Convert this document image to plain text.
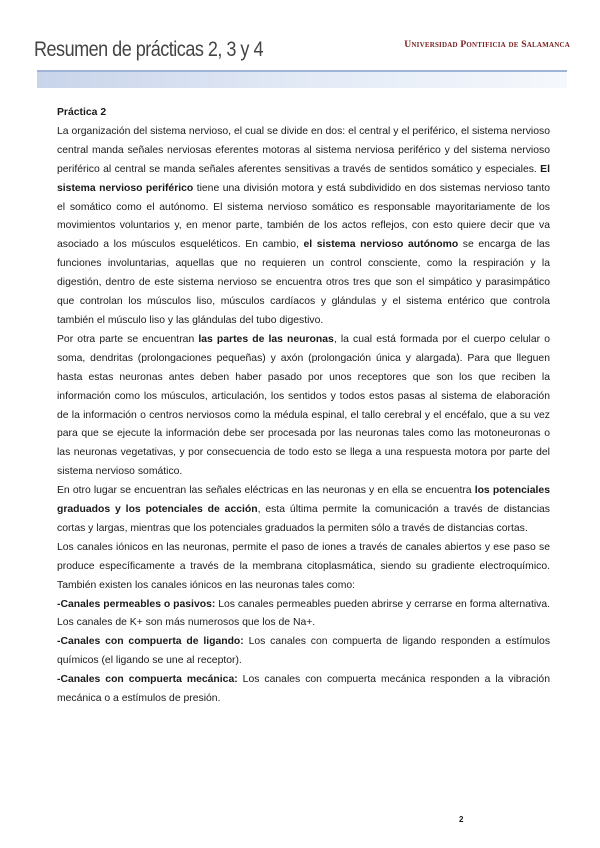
Resumen de prácticas 2, 3 y 4	Universidad Pontificia de Salamanca

Práctica 2

La organización del sistema nervioso, el cual se divide en dos: el central y el periférico, el sistema nervioso central manda señales nerviosas eferentes motoras al sistema nerviosa periférico y del sistema nervioso periférico al central se manda señales aferentes sensitivas a través de sentidos somático y especiales. El sistema nervioso periférico tiene una división motora y está subdividido en dos sistemas nervioso tanto el somático como el autónomo. El sistema nervioso somático es responsable mayoritariamente de los movimientos voluntarios y, en menor parte, también de los actos reflejos, con esto quiere decir que va asociado a los músculos esqueléticos. En cambio, el sistema nervioso autónomo se encarga de las funciones involuntarias, aquellas que no requieren un control consciente, como la respiración y la digestión, dentro de este sistema nervioso se encuentra otros tres que son el simpático y parasimpático que controlan los músculos liso, músculos cardíacos y glándulas y el sistema entérico que controla también el músculo liso y las glándulas del tubo digestivo.

Por otra parte se encuentran las partes de las neuronas, la cual está formada por el cuerpo celular o soma, dendritas (prolongaciones pequeñas) y axón (prolongación única y alargada). Para que lleguen hasta estas neuronas antes deben haber pasado por unos receptores que son los que reciben la información como los músculos, articulación, los sentidos y todos estos pasas al sistema de elaboración de la información o centros nerviosos como la médula espinal, el tallo cerebral y el encéfalo, que a su vez para que se ejecute la información debe ser procesada por las neuronas tales como las motoneuronas o las neuronas vegetativas, y por consecuencia de todo esto se llega a una respuesta motora por parte del sistema nervioso somático.

En otro lugar se encuentran las señales eléctricas en las neuronas y en ella se encuentra los potenciales graduados y los potenciales de acción, esta última permite la comunicación a través de distancias cortas y largas, mientras que los potenciales graduados la permiten sólo a través de distancias cortas.

Los canales iónicos en las neuronas, permite el paso de iones a través de canales abiertos y ese paso se produce específicamente a través de la membrana citoplasmática, siendo su gradiente electroquímico. También existen los canales iónicos en las neuronas tales como:

-Canales permeables o pasivos: Los canales permeables pueden abrirse y cerrarse en forma alternativa. Los canales de K+ son más numerosos que los de Na+.

-Canales con compuerta de ligando: Los canales con compuerta de ligando responden a estímulos químicos (el ligando se une al receptor).

-Canales con compuerta mecánica: Los canales con compuerta mecánica responden a la vibración mecánica o a estímulos de presión.

2
